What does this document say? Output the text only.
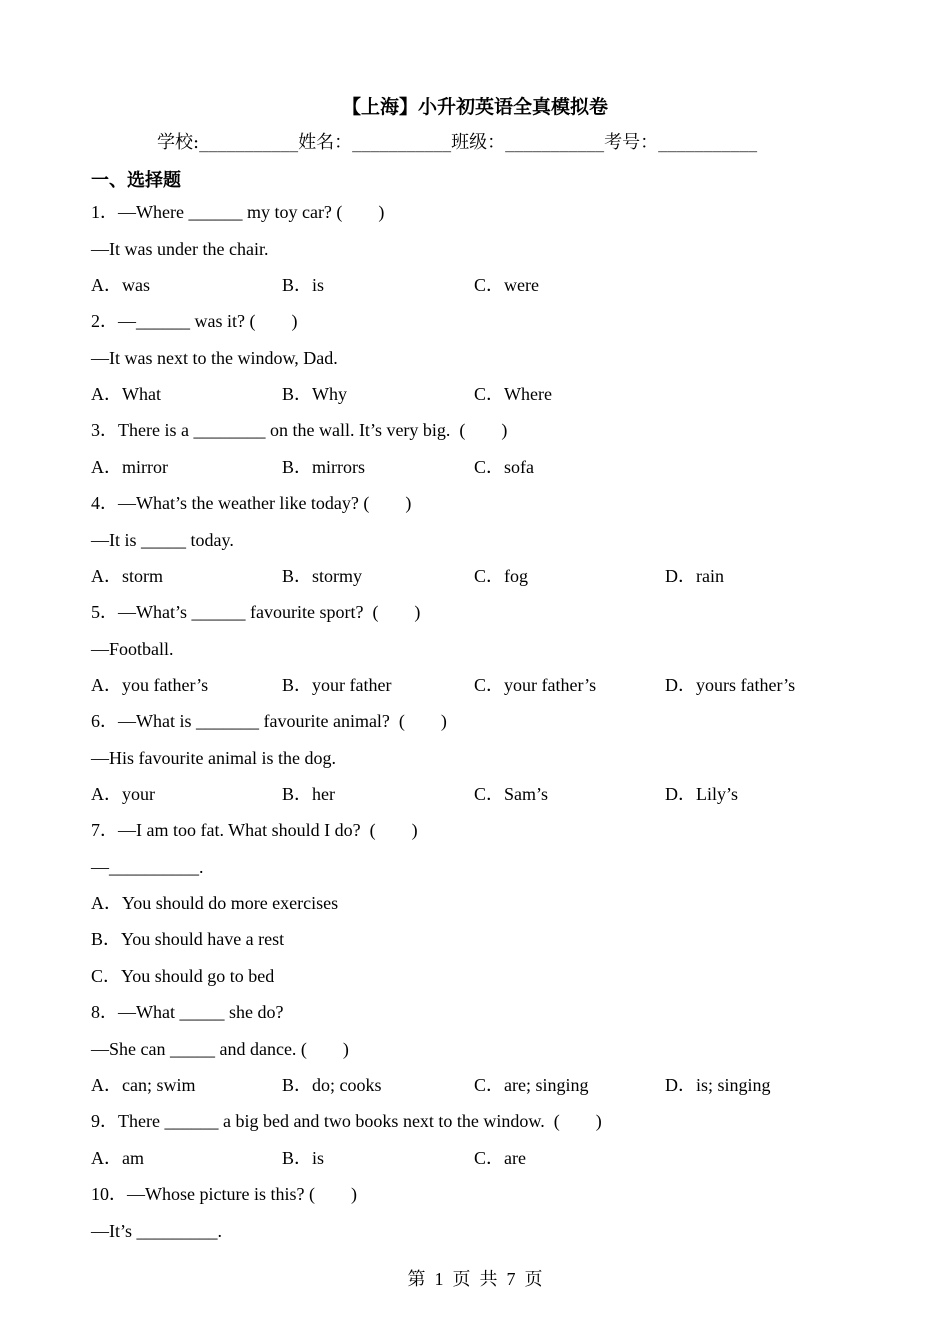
【上海】小升初英语全真模拟卷
学校:___________姓名：___________班级：___________考号：___________
一、选择题
1．—Where ______ my toy car? (        )
—It was under the chair.
A．was	B．is	C．were
2．—______ was it? (        )
—It was next to the window, Dad.
A．What	B．Why	C．Where
3．There is a ________ on the wall. It’s very big.  (        )
A．mirror	B．mirrors	C．sofa
4．—What’s the weather like today? (        )
—It is _____ today.
A．storm	B．stormy	C．fog	D．rain
5．—What’s ______ favourite sport?  (        )
—Football.
A．you father’s	B．your father	C．your father’s	D．yours father’s
6．—What is _______ favourite animal?  (        )
—His favourite animal is the dog.
A．your	B．her	C．Sam’s	D．Lily’s
7．—I am too fat. What should I do?  (        )
—__________.
A．You should do more exercises
B．You should have a rest
C．You should go to bed
8．—What _____ she do?
—She can _____ and dance. (        )
A．can; swim	B．do; cooks	C．are; singing	D．is; singing
9．There ______ a big bed and two books next to the window.  (        )
A．am	B．is	C．are
10．—Whose picture is this? (        )
—It’s _________.
第  1  页  共  7  页
